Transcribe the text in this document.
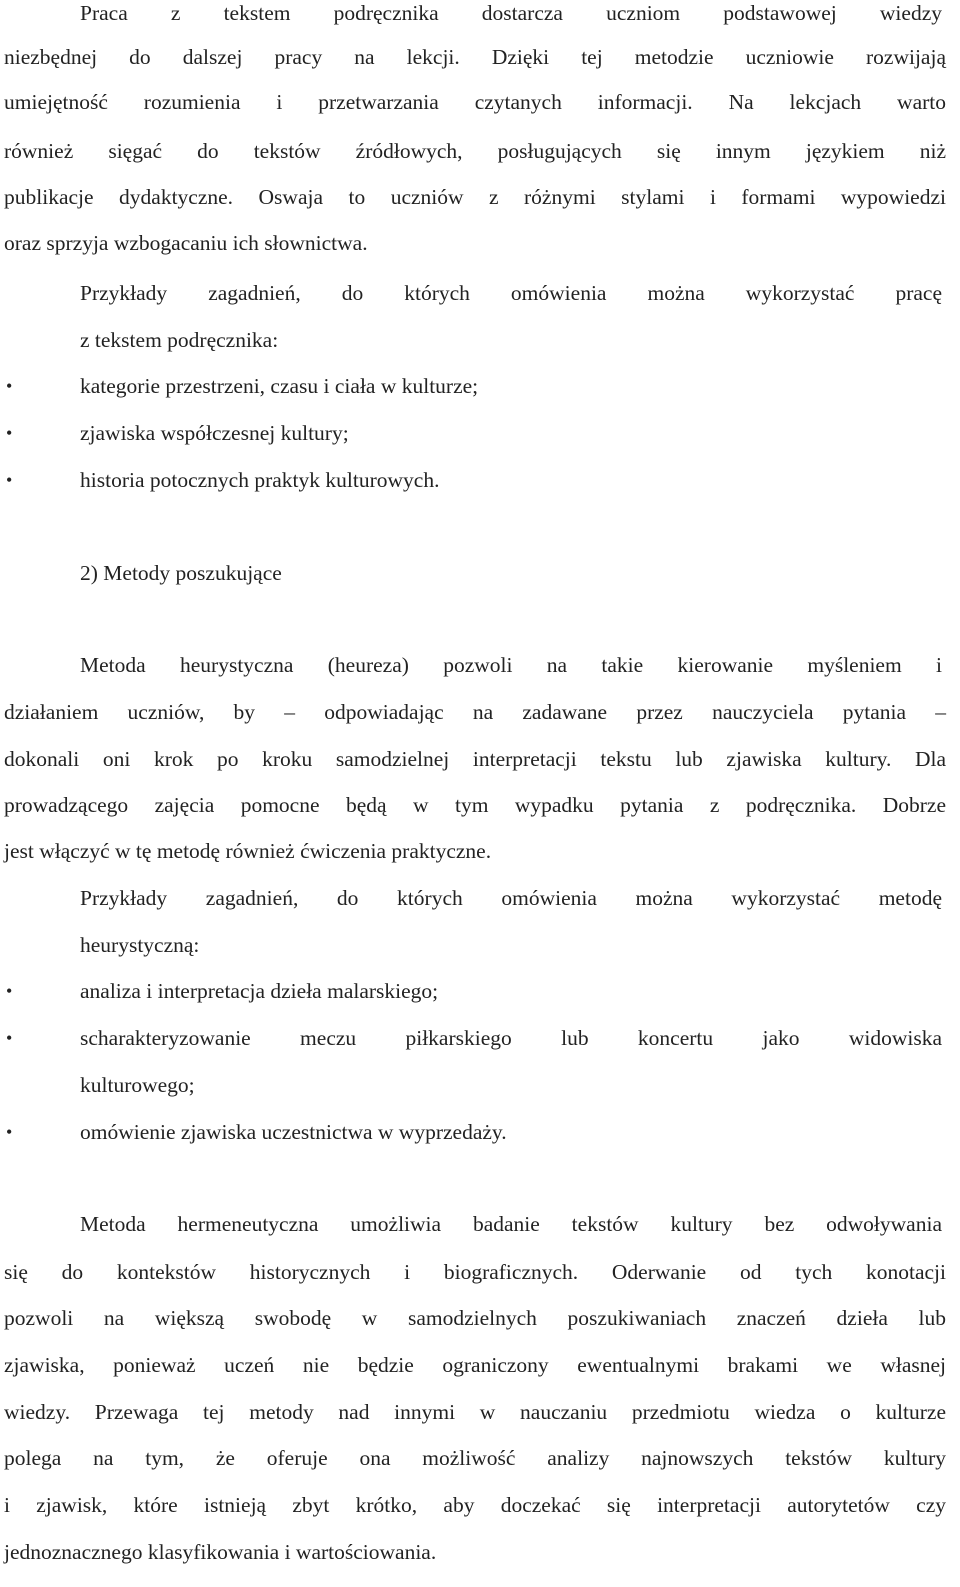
Praca z tekstem podręcznika dostarcza uczniom podstawowej wiedzy
niezbędnej do dalszej pracy na lekcji. Dzięki tej metodzie uczniowie rozwijają
umiejętność rozumienia i przetwarzania czytanych informacji. Na lekcjach warto
również sięgać do tekstów źródłowych, posługujących się innym językiem niż
publikacje dydaktyczne. Oswaja to uczniów z różnymi stylami i formami wypowiedzi
oraz sprzyja wzbogacaniu ich słownictwa.
Przykłady zagadnień, do których omówienia można wykorzystać pracę
z tekstem podręcznika:
•	kategorie przestrzeni, czasu i ciała w kulturze;
•	zjawiska współczesnej kultury;
•	historia potocznych praktyk kulturowych.
2) Metody poszukujące
Metoda heurystyczna (heureza) pozwoli na takie kierowanie myśleniem i
działaniem uczniów, by – odpowiadając na zadawane przez nauczyciela pytania –
dokonali oni krok po kroku samodzielnej interpretacji tekstu lub zjawiska kultury. Dla
prowadzącego zajęcia pomocne będą w tym wypadku pytania z podręcznika. Dobrze
jest włączyć w tę metodę również ćwiczenia praktyczne.
Przykłady zagadnień, do których omówienia można wykorzystać metodę
heurystyczną:
•	analiza i interpretacja dzieła malarskiego;
•	scharakteryzowanie meczu piłkarskiego lub koncertu jako widowiska
kulturowego;
•	omówienie zjawiska uczestnictwa w wyprzedaży.
Metoda hermeneutyczna umożliwia badanie tekstów kultury bez odwoływania
się do kontekstów historycznych i biograficznych. Oderwanie od tych konotacji
pozwoli na większą swobodę w samodzielnych poszukiwaniach znaczeń dzieła lub
zjawiska, ponieważ uczeń nie będzie ograniczony ewentualnymi brakami we własnej
wiedzy. Przewaga tej metody nad innymi w nauczaniu przedmiotu wiedza o kulturze
polega na tym, że oferuje ona możliwość analizy najnowszych tekstów kultury
i zjawisk, które istnieją zbyt krótko, aby doczekać się interpretacji autorytetów czy
jednoznacznego klasyfikowania i wartościowania.
